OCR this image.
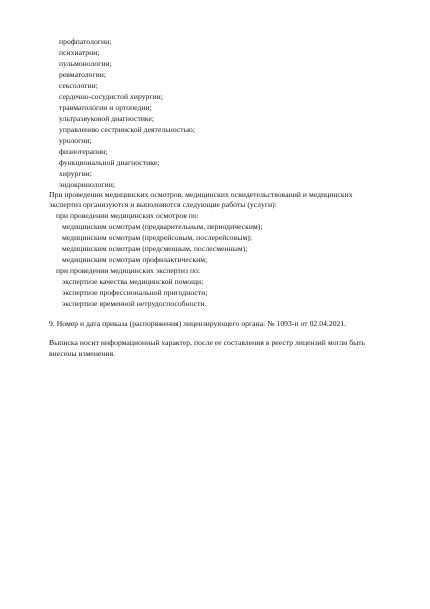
профпатологии;
психиатрии;
пульмонологии;
ревматологии;
сексологии;
сердечно-сосудистой хирургии;
травматологии и ортопедии;
ультразвуковой диагностике;
управлению сестринской деятельностью;
урологии;
физиотерапии;
функциональной диагностике;
хирургии;
эндокринологии;
При проведении медицинских осмотров, медицинских освидетельствований и медицинских
экспертиз организуются и выполняются следующие работы (услуги):
при проведении медицинских осмотров по:
медицинским осмотрам (предварительным, периодическим);
медицинским осмотрам (предрейсовым, послерейсовым);
медицинским осмотрам (предсменным, послесменным);
медицинским осмотрам профилактическим;
при проведении медицинских экспертиз по:
экспертизе качества медицинской помощи;
экспертизе профессиональной пригодности;
экспертизе временной нетрудоспособности.
9. Номер и дата приказа (распоряжения) лицензирующего органа: № 1093-п от 02.04.2021.
Выписка носит информационный характер, после ее составления в реестр лицензий могли быть
внесены изменения.
